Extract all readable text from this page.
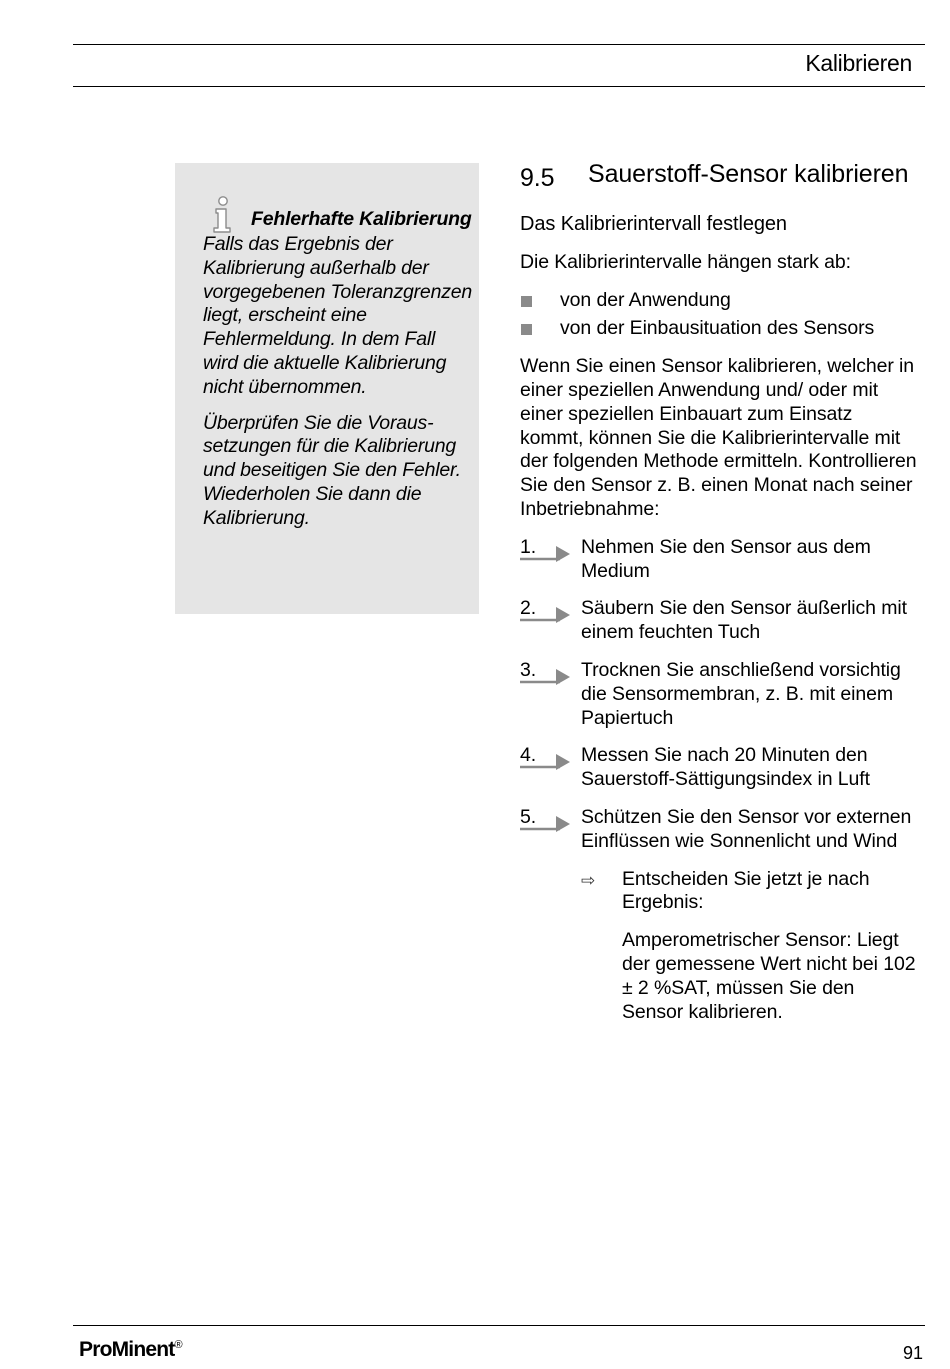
Kalibrieren
Fehlerhafte Kalibrierung

Falls das Ergebnis der Kalibrierung außerhalb der vorgegebenen Toleranzgrenzen liegt, erscheint eine Fehlermeldung. In dem Fall wird die aktuelle Kalibrierung nicht übernommen.

Überprüfen Sie die Voraussetzungen für die Kalibrierung und beseitigen Sie den Fehler. Wiederholen Sie dann die Kalibrierung.

9.5	Sauerstoff-Sensor kalibrieren
Das Kalibrierintervall festlegen

Die Kalibrierintervalle hängen stark ab:

von der Anwendung
von der Einbausituation des Sensors

Wenn Sie einen Sensor kalibrieren, welcher in einer speziellen Anwendung und/ oder mit einer speziellen Einbauart zum Einsatz kommt, können Sie die Kalibrierintervalle mit der folgenden Methode ermitteln. Kontrollieren Sie den Sensor z. B. einen Monat nach seiner Inbetriebnahme:

1. Nehmen Sie den Sensor aus dem Medium
2. Säubern Sie den Sensor äußerlich mit einem feuchten Tuch
3. Trocknen Sie anschließend vorsichtig die Sensormembran, z. B. mit einem Papiertuch
4. Messen Sie nach 20 Minuten den Sauerstoff-Sättigungsindex in Luft
5. Schützen Sie den Sensor vor externen Einflüssen wie Sonnenlicht und Wind
⇨	Entscheiden Sie jetzt je nach Ergebnis:
Amperometrischer Sensor: Liegt der gemessene Wert nicht bei 102 ± 2 %SAT, müssen Sie den Sensor kalibrieren.
ProMinent®	91
